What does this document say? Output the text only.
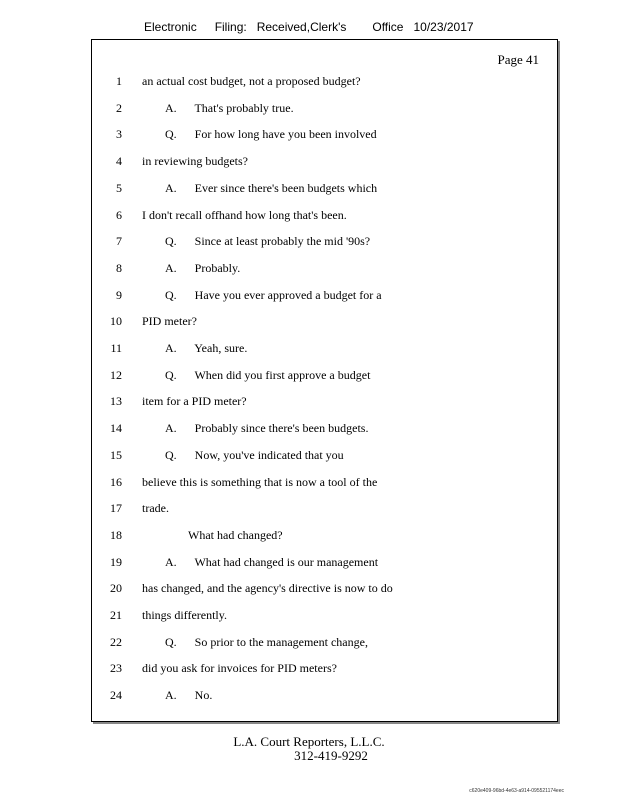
Electronic Filing: Received,Clerk's Office 10/23/2017
Page 41
1 an actual cost budget, not a proposed budget?
2	A.      That's probably true.
3	Q.      For how long have you been involved
4 in reviewing budgets?
5	A.      Ever since there's been budgets which
6 I don't recall offhand how long that's been.
7	Q.      Since at least probably the mid '90s?
8	A.      Probably.
9	Q.      Have you ever approved a budget for a
10 PID meter?
11	A.      Yeah, sure.
12	Q.      When did you first approve a budget
13 item for a PID meter?
14	A.      Probably since there's been budgets.
15	Q.      Now, you've indicated that you
16 believe this is something that is now a tool of the
17 trade.
18	What had changed?
19	A.      What had changed is our management
20 has changed, and the agency's directive is now to do
21 things differently.
22	Q.      So prior to the management change,
23 did you ask for invoices for PID meters?
24	A.      No.
L.A. Court Reporters, L.L.C.
312-419-9292
c620e409-96bd-4e63-a914-095521174eec
